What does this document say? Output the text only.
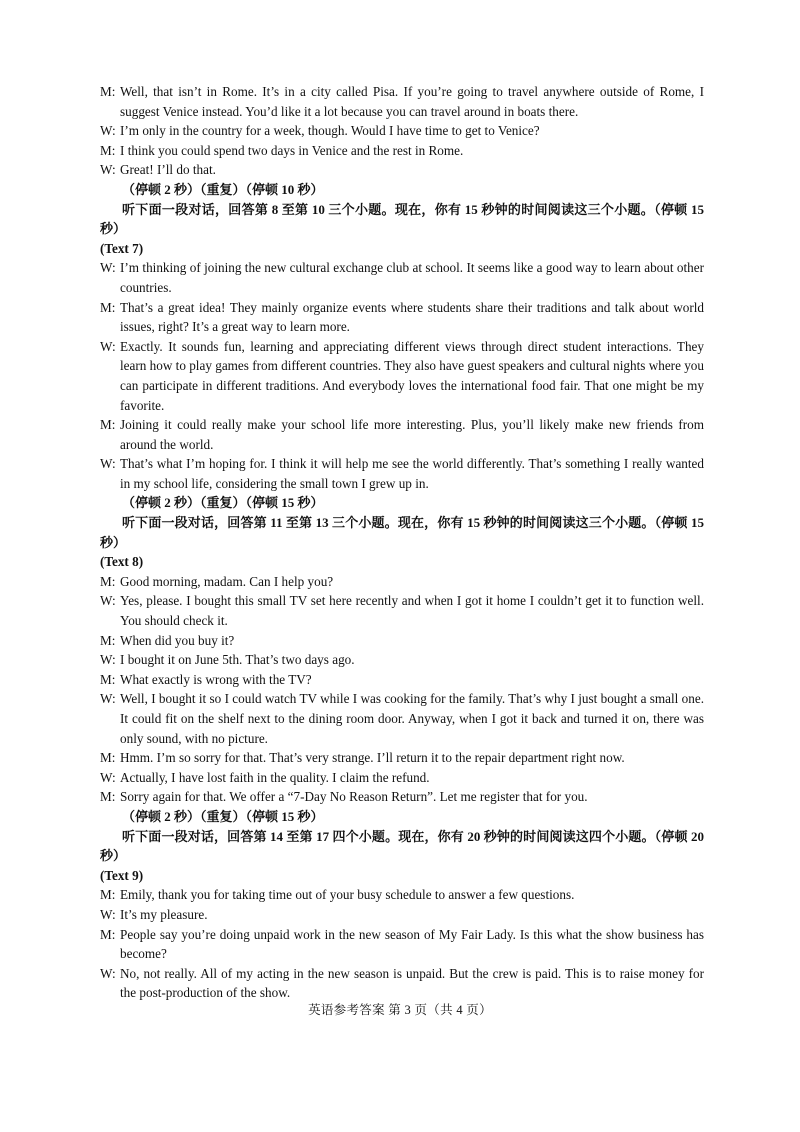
M: Well, that isn’t in Rome. It’s in a city called Pisa. If you’re going to travel anywhere outside of Rome, I suggest Venice instead. You’d like it a lot because you can travel around in boats there.
W: I’m only in the country for a week, though. Would I have time to get to Venice?
M: I think you could spend two days in Venice and the rest in Rome.
W: Great! I’ll do that.
（停顿 2 秒）（重复）（停顿 10 秒）
听下面一段对话，回答第 8 至第 10 三个小题。现在，你有 15 秒钟的时间阅读这三个小题。（停顿 15 秒）
(Text 7)
W: I’m thinking of joining the new cultural exchange club at school. It seems like a good way to learn about other countries.
M: That’s a great idea! They mainly organize events where students share their traditions and talk about world issues, right? It’s a great way to learn more.
W: Exactly. It sounds fun, learning and appreciating different views through direct student interactions. They learn how to play games from different countries. They also have guest speakers and cultural nights where you can participate in different traditions. And everybody loves the international food fair. That one might be my favorite.
M: Joining it could really make your school life more interesting. Plus, you’ll likely make new friends from around the world.
W: That’s what I’m hoping for. I think it will help me see the world differently. That’s something I really wanted in my school life, considering the small town I grew up in.
（停顿 2 秒）（重复）（停顿 15 秒）
听下面一段对话，回答第 11 至第 13 三个小题。现在，你有 15 秒钟的时间阅读这三个小题。（停顿 15 秒）
(Text 8)
M: Good morning, madam. Can I help you?
W: Yes, please. I bought this small TV set here recently and when I got it home I couldn’t get it to function well. You should check it.
M: When did you buy it?
W: I bought it on June 5th. That’s two days ago.
M: What exactly is wrong with the TV?
W: Well, I bought it so I could watch TV while I was cooking for the family. That’s why I just bought a small one. It could fit on the shelf next to the dining room door. Anyway, when I got it back and turned it on, there was only sound, with no picture.
M: Hmm. I’m so sorry for that. That’s very strange. I’ll return it to the repair department right now.
W: Actually, I have lost faith in the quality. I claim the refund.
M: Sorry again for that. We offer a “7-Day No Reason Return”. Let me register that for you.
（停顿 2 秒）（重复）（停顿 15 秒）
听下面一段对话，回答第 14 至第 17 四个小题。现在，你有 20 秒钟的时间阅读这四个小题。（停顿 20 秒）
(Text 9)
M: Emily, thank you for taking time out of your busy schedule to answer a few questions.
W: It’s my pleasure.
M: People say you’re doing unpaid work in the new season of My Fair Lady. Is this what the show business has become?
W: No, not really. All of my acting in the new season is unpaid. But the crew is paid. This is to raise money for the post-production of the show.
英语参考答案 第 3 页（共 4 页）
